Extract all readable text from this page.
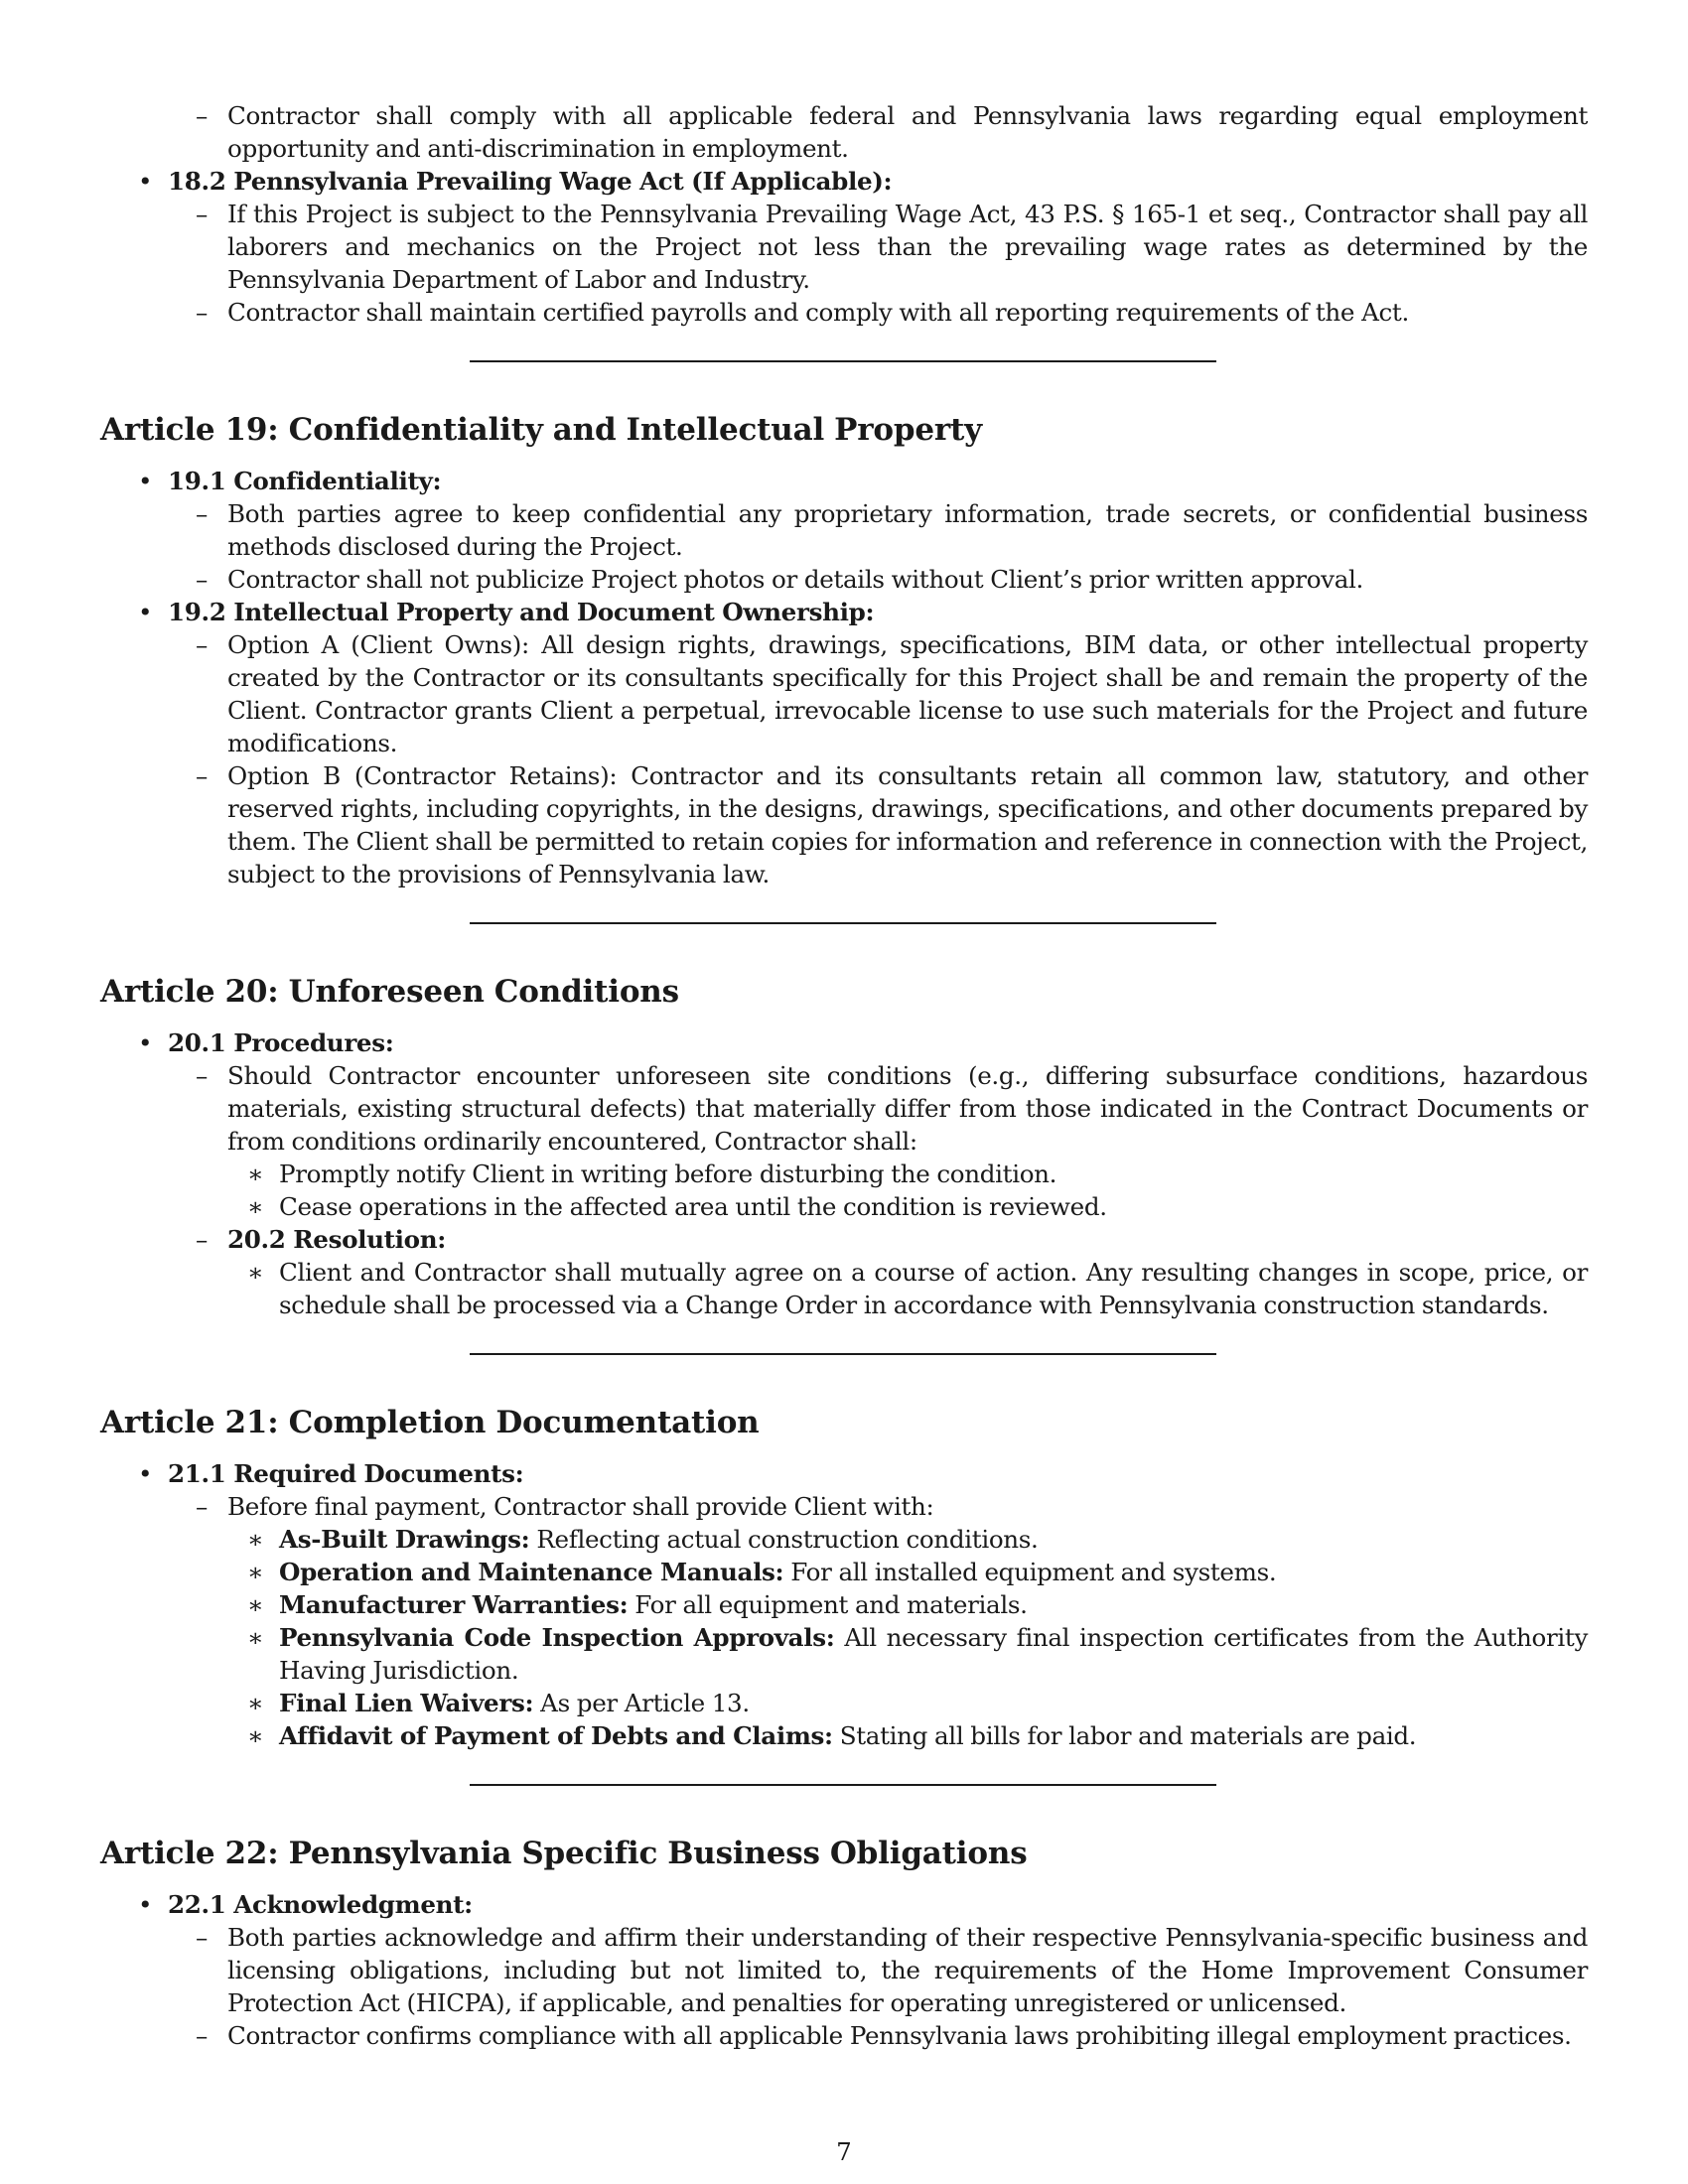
– Contractor shall comply with all applicable federal and Pennsylvania laws regarding equal employment opportunity and anti-discrimination in employment.
• 18.2 Pennsylvania Prevailing Wage Act (If Applicable):
– If this Project is subject to the Pennsylvania Prevailing Wage Act, 43 P.S. § 165-1 et seq., Contractor shall pay all laborers and mechanics on the Project not less than the prevailing wage rates as determined by the Pennsylvania Department of Labor and Industry.
– Contractor shall maintain certified payrolls and comply with all reporting requirements of the Act.
Article 19: Confidentiality and Intellectual Property
• 19.1 Confidentiality:
– Both parties agree to keep confidential any proprietary information, trade secrets, or confidential business methods disclosed during the Project.
– Contractor shall not publicize Project photos or details without Client’s prior written approval.
• 19.2 Intellectual Property and Document Ownership:
– Option A (Client Owns): All design rights, drawings, specifications, BIM data, or other intellectual property created by the Contractor or its consultants specifically for this Project shall be and remain the property of the Client. Contractor grants Client a perpetual, irrevocable license to use such materials for the Project and future modifications.
– Option B (Contractor Retains): Contractor and its consultants retain all common law, statutory, and other reserved rights, including copyrights, in the designs, drawings, specifications, and other documents prepared by them. The Client shall be permitted to retain copies for information and reference in connection with the Project, subject to the provisions of Pennsylvania law.
Article 20: Unforeseen Conditions
• 20.1 Procedures:
– Should Contractor encounter unforeseen site conditions (e.g., differing subsurface conditions, hazardous materials, existing structural defects) that materially differ from those indicated in the Contract Documents or from conditions ordinarily encountered, Contractor shall:
∗ Promptly notify Client in writing before disturbing the condition.
∗ Cease operations in the affected area until the condition is reviewed.
– 20.2 Resolution:
∗ Client and Contractor shall mutually agree on a course of action. Any resulting changes in scope, price, or schedule shall be processed via a Change Order in accordance with Pennsylvania construction standards.
Article 21: Completion Documentation
• 21.1 Required Documents:
– Before final payment, Contractor shall provide Client with:
∗ As-Built Drawings: Reflecting actual construction conditions.
∗ Operation and Maintenance Manuals: For all installed equipment and systems.
∗ Manufacturer Warranties: For all equipment and materials.
∗ Pennsylvania Code Inspection Approvals: All necessary final inspection certificates from the Authority Having Jurisdiction.
∗ Final Lien Waivers: As per Article 13.
∗ Affidavit of Payment of Debts and Claims: Stating all bills for labor and materials are paid.
Article 22: Pennsylvania Specific Business Obligations
• 22.1 Acknowledgment:
– Both parties acknowledge and affirm their understanding of their respective Pennsylvania-specific business and licensing obligations, including but not limited to, the requirements of the Home Improvement Consumer Protection Act (HICPA), if applicable, and penalties for operating unregistered or unlicensed.
– Contractor confirms compliance with all applicable Pennsylvania laws prohibiting illegal employment practices.
7
